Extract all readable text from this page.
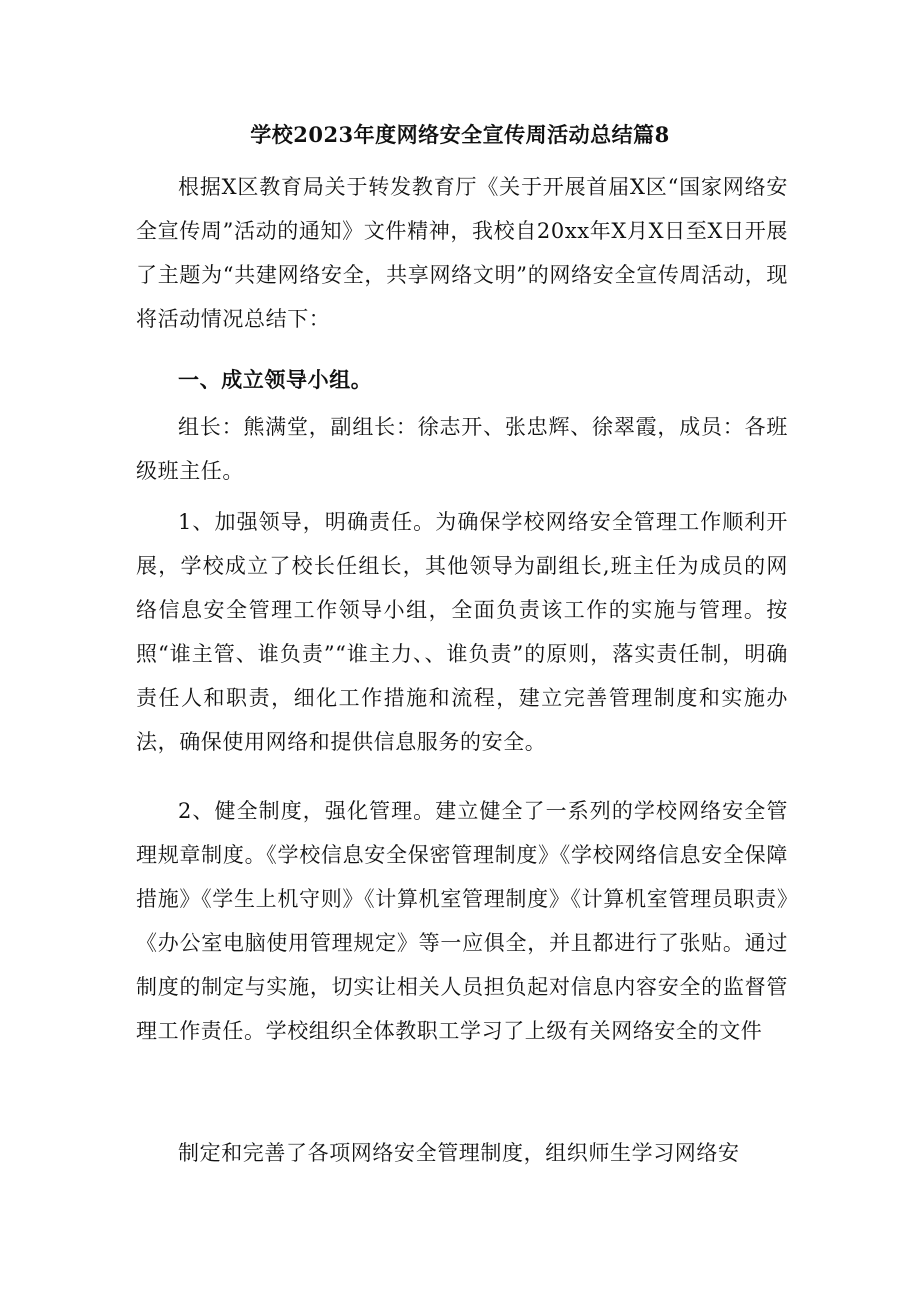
学校2023年度网络安全宣传周活动总结篇8

根据X区教育局关于转发教育厅《关于开展首届X区“国家网络安全宣传周”活动的通知》文件精神，我校自20xx年X月X日至X日开展了主题为“共建网络安全，共享网络文明”的网络安全宣传周活动，现将活动情况总结下：

一、成立领导小组。

组长：熊满堂，副组长：徐志开、张忠辉、徐翠霞，成员：各班级班主任。

1、加强领导，明确责任。为确保学校网络安全管理工作顺利开展，学校成立了校长任组长，其他领导为副组长,班主任为成员的网络信息安全管理工作领导小组，全面负责该工作的实施与管理。按照“谁主管、谁负责”“谁主力、、谁负责”的原则，落实责任制，明确责任人和职责，细化工作措施和流程，建立完善管理制度和实施办法，确保使用网络和提供信息服务的安全。

2、健全制度，强化管理。建立健全了一系列的学校网络安全管理规章制度。《学校信息安全保密管理制度》《学校网络信息安全保障措施》《学生上机守则》《计算机室管理制度》《计算机室管理员职责》《办公室电脑使用管理规定》等一应俱全，并且都进行了张贴。通过制度的制定与实施，切实让相关人员担负起对信息内容安全的监督管理工作责任。学校组织全体教职工学习了上级有关网络安全的文件

制定和完善了各项网络安全管理制度，组织师生学习网络安
